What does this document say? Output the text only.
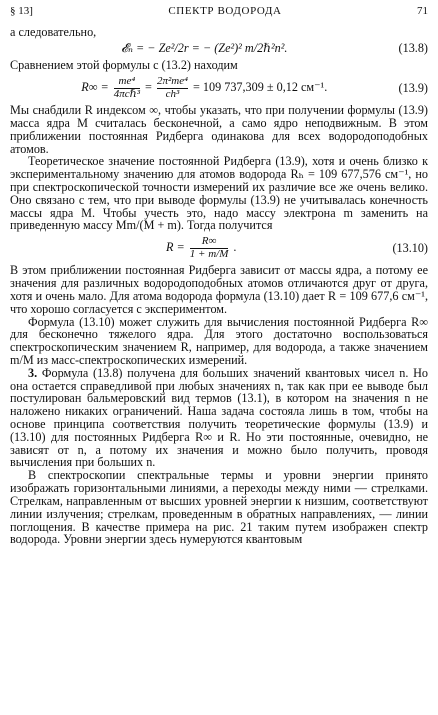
§ 13]	СПЕКТР ВОДОРОДА	71

а следовательно,

𝓔ₙ = − Ze²/2r = − (Ze²)² m/2ℏ²n².	(13.8)

Сравнением этой формулы с (13.2) находим

$R\infty = \frac{\text{me⁴}}{\text{4πcℏ³}} = \frac{\text{2π²me⁴}}{\text{ch³}} = 109$ 737,309 ± 0,12 см⁻¹.	(13.9)

Мы снабдили R индексом ∞, чтобы указать, что при получении формулы (13.9) масса ядра M считалась бесконечной, а само ядро неподвижным. В этом приближении постоянная Ридберга одинакова для всех водородоподобных атомов.

Теоретическое значение постоянной Ридберга (13.9), хотя и очень близко к экспериментальному значению для атомов водорода Rₕ = 109 677,576 см⁻¹, но при спектроскопической точности измерений их различие все же очень велико. Оно связано с тем, что при выводе формулы (13.9) не учитывалась конечность массы ядра M. Чтобы учесть это, надо массу электрона m заменить на приведенную массу Mm/(M + m). Тогда получится

$R = \frac{R\infty}{1 + m/M}$ .	(13.10)

В этом приближении постоянная Ридберга зависит от массы ядра, а потому ее значения для различных водородоподобных атомов отличаются друг от друга, хотя и очень мало. Для атома водорода формула (13.10) дает R = 109 677,6 см⁻¹, что хорошо согласуется с экспериментом.

Формула (13.10) может служить для вычисления постоянной Ридберга R∞ для бесконечно тяжелого ядра. Для этого достаточно воспользоваться спектроскопическим значением R, например, для водорода, а также значением m/M из масс-спектроскопических измерений.

3. Формула (13.8) получена для больших значений квантовых чисел n. Но она остается справедливой при любых значениях n, так как при ее выводе был постулирован бальмеровский вид термов (13.1), в котором на значения n не наложено никаких ограничений. Наша задача состояла лишь в том, чтобы на основе принципа соответствия получить теоретические формулы (13.9) и (13.10) для постоянных Ридберга R∞ и R. Но эти постоянные, очевидно, не зависят от n, а потому их значения и можно было получить, проводя вычисления при больших n.

В спектроскопии спектральные термы и уровни энергии принято изображать горизонтальными линиями, а переходы между ними — стрелками. Стрелкам, направленным от высших уровней энергии к низшим, соответствуют линии излучения; стрелкам, проведенным в обратных направлениях, — линии поглощения. В качестве примера на рис. 21 таким путем изображен спектр водорода. Уровни энергии здесь нумеруются квантовым
